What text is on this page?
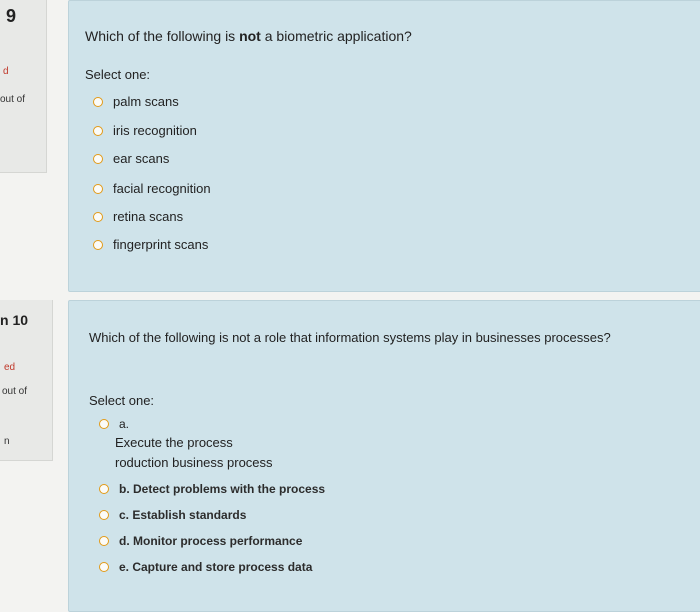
9
d
out of
Which of the following is not a biometric application?
Select one:
palm scans
iris recognition
ear scans
facial recognition
retina scans
fingerprint scans
n 10
ed
out of
n
Which of the following is not a role that information systems play in businesses processes?
Select one:
a.
Execute the process
roduction business process
b. Detect problems with the process
c. Establish standards
d. Monitor process performance
e. Capture and store process data
